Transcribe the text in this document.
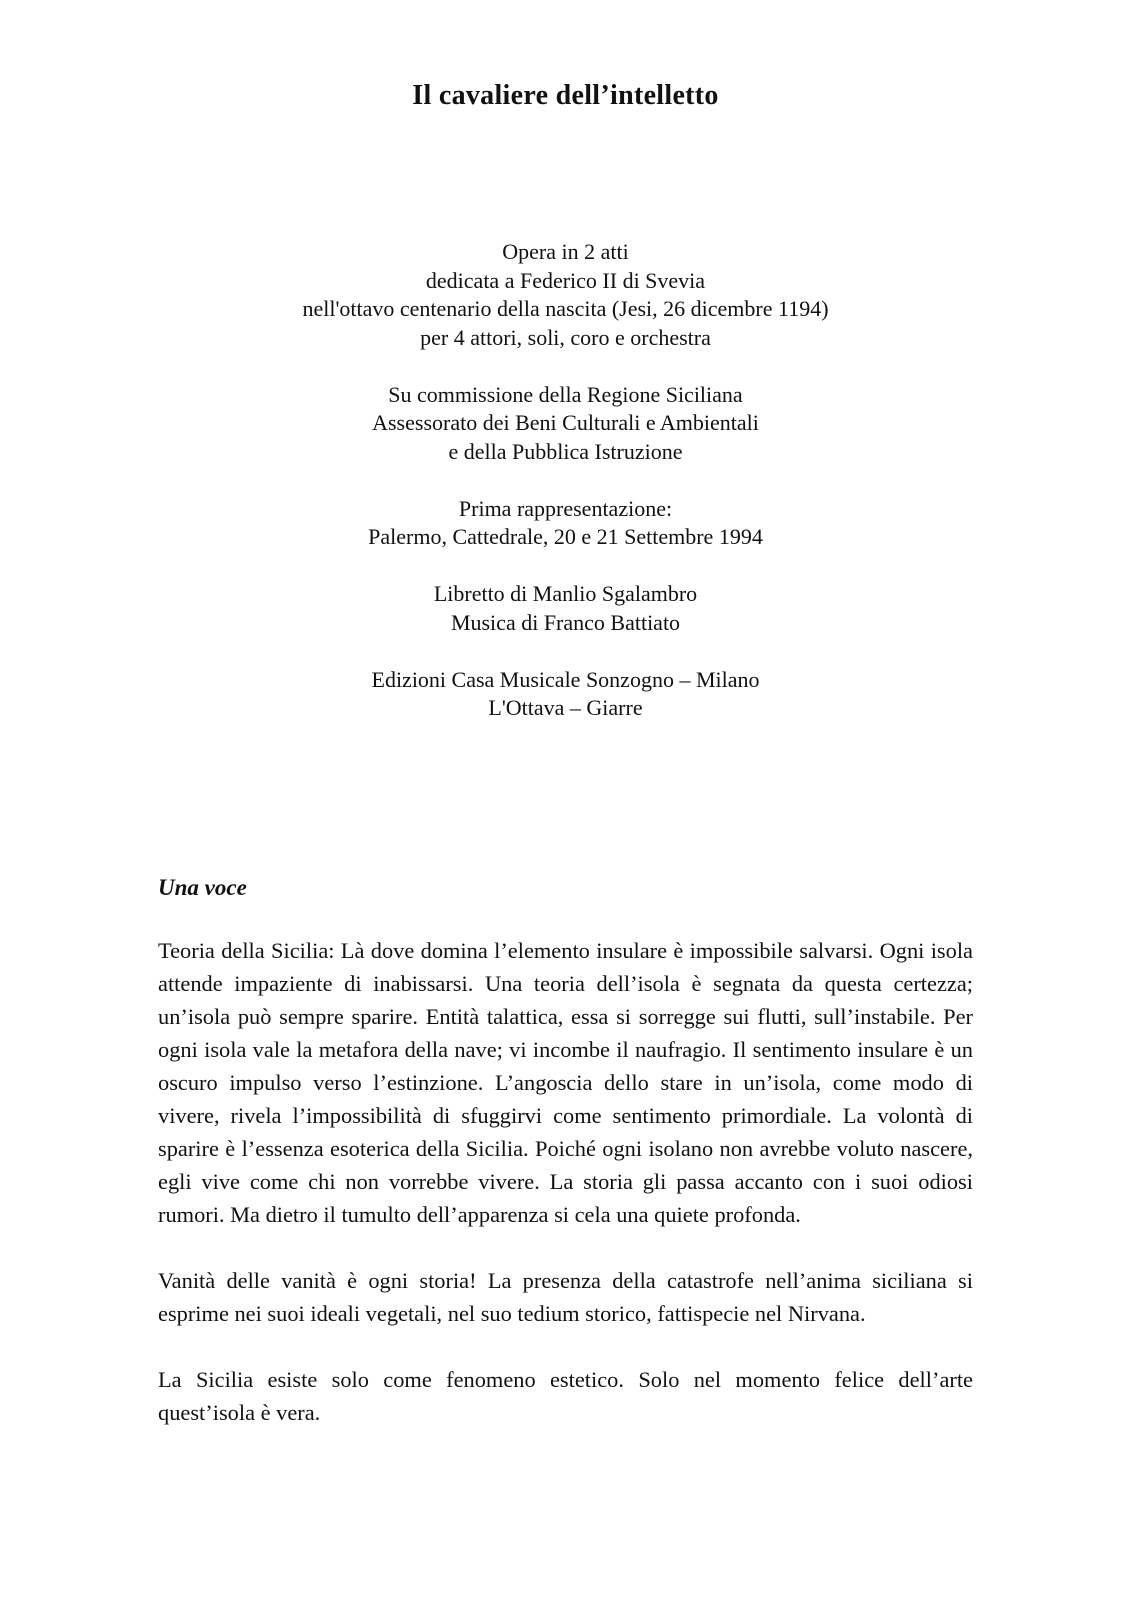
Il cavaliere dell’intelletto
Opera in 2 atti
dedicata a Federico II di Svevia
nell'ottavo centenario della nascita (Jesi, 26 dicembre 1194)
per 4 attori, soli, coro e orchestra
Su commissione della Regione Siciliana
Assessorato dei Beni Culturali e Ambientali
e della Pubblica Istruzione
Prima rappresentazione:
Palermo, Cattedrale, 20 e 21 Settembre 1994
Libretto di Manlio Sgalambro
Musica di Franco Battiato
Edizioni Casa Musicale Sonzogno – Milano
L'Ottava – Giarre
Una voce

Teoria della Sicilia: Là dove domina l’elemento insulare è impossibile salvarsi. Ogni isola attende impaziente di inabissarsi. Una teoria dell’isola è segnata da questa certezza; un’isola può sempre sparire. Entità talattica, essa si sorregge sui flutti, sull’instabile. Per ogni isola vale la metafora della nave; vi incombe il naufragio. Il sentimento insulare è un oscuro impulso verso l’estinzione. L’angoscia dello stare in un’isola, come modo di vivere, rivela l’impossibilità di sfuggirvi come sentimento primordiale. La volontà di sparire è l’essenza esoterica della Sicilia. Poiché ogni isolano non avrebbe voluto nascere, egli vive come chi non vorrebbe vivere. La storia gli passa accanto con i suoi odiosi rumori. Ma dietro il tumulto dell’apparenza si cela una quiete profonda.

Vanità delle vanità è ogni storia! La presenza della catastrofe nell’anima siciliana si esprime nei suoi ideali vegetali, nel suo tedium storico, fattispecie nel Nirvana.

La Sicilia esiste solo come fenomeno estetico. Solo nel momento felice dell’arte quest’isola è vera.
